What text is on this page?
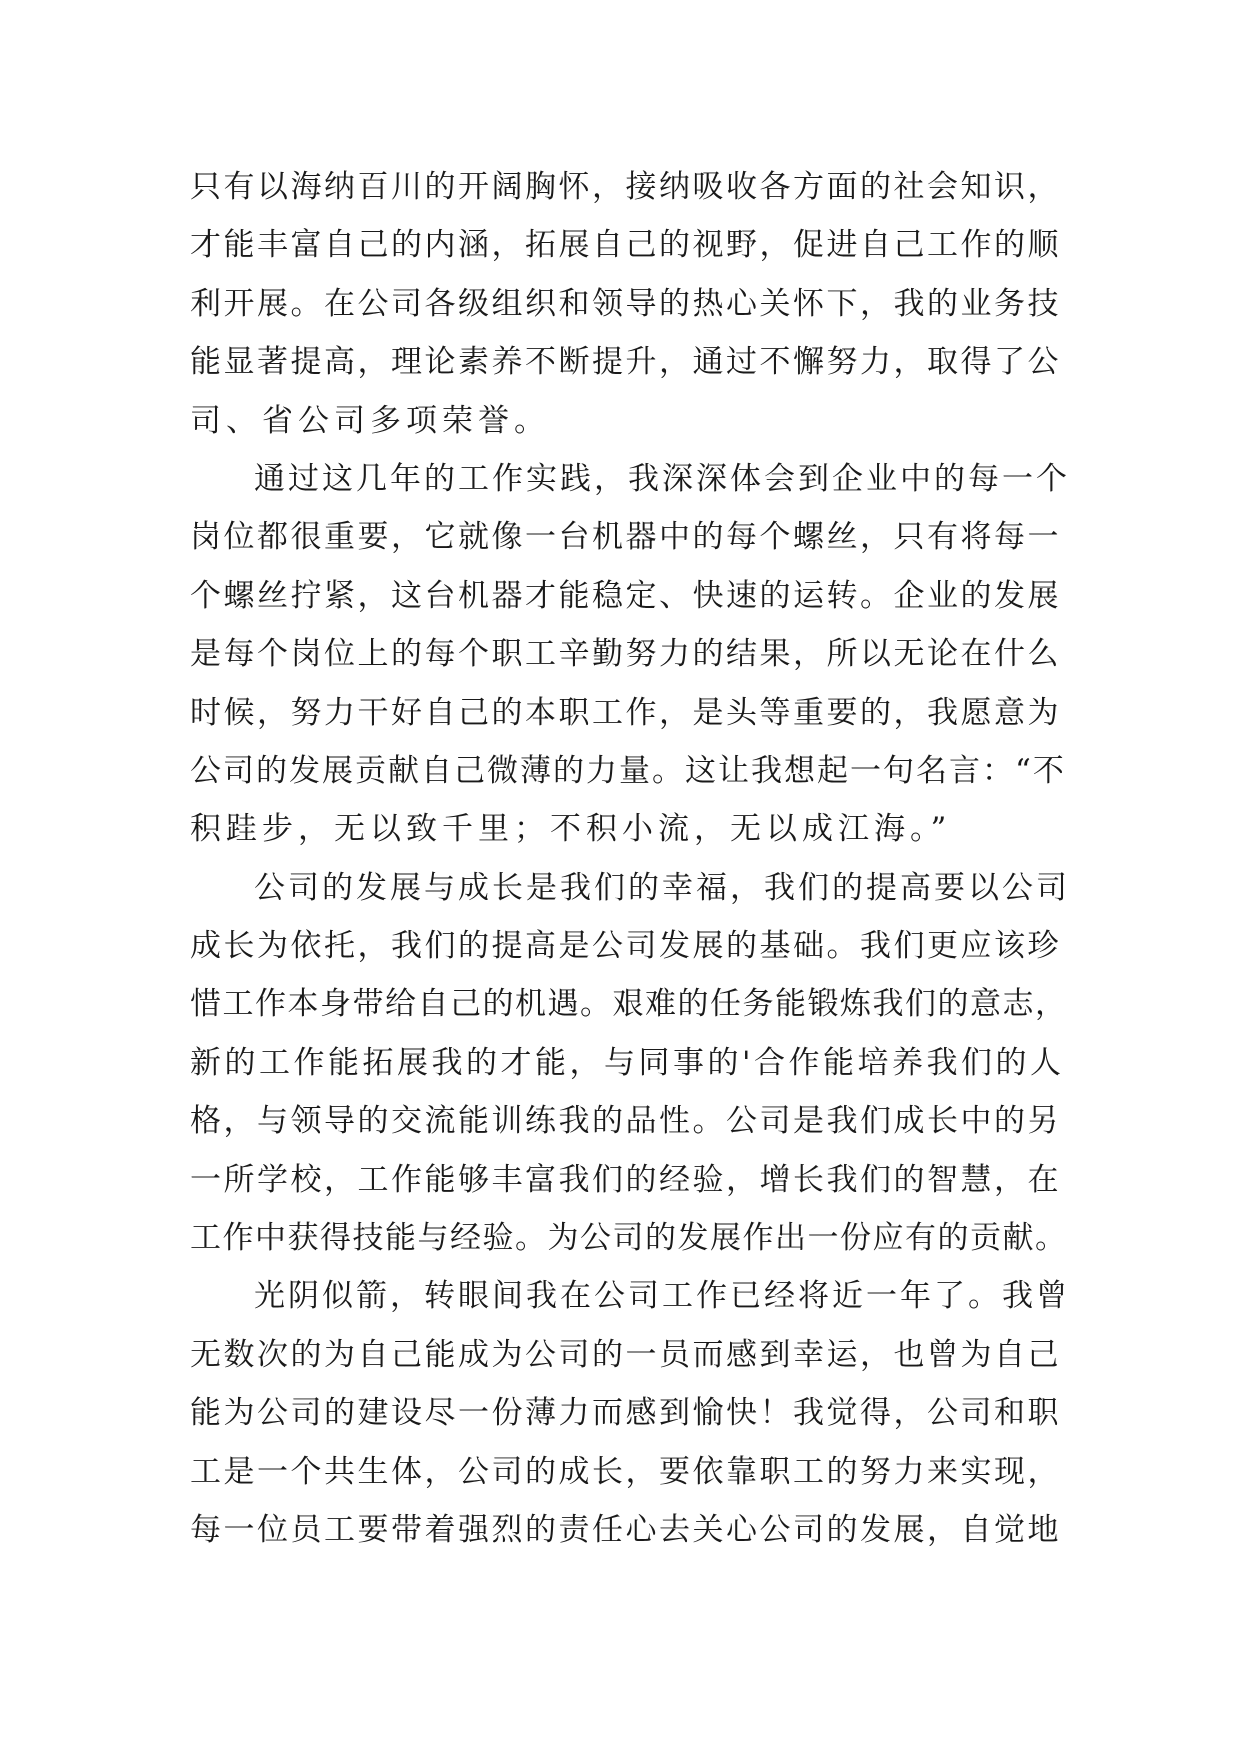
只有以海纳百川的开阔胸怀，接纳吸收各方面的社会知识，
才能丰富自己的内涵，拓展自己的视野，促进自己工作的顺
利开展。在公司各级组织和领导的热心关怀下，我的业务技
能显著提高，理论素养不断提升，通过不懈努力，取得了公
司、省公司多项荣誉。
通过这几年的工作实践，我深深体会到企业中的每一个
岗位都很重要，它就像一台机器中的每个螺丝，只有将每一
个螺丝拧紧，这台机器才能稳定、快速的运转。企业的发展
是每个岗位上的每个职工辛勤努力的结果，所以无论在什么
时候，努力干好自己的本职工作，是头等重要的，我愿意为
公司的发展贡献自己微薄的力量。这让我想起一句名言：“不
积跬步，无以致千里；不积小流，无以成江海。”
公司的发展与成长是我们的幸福，我们的提高要以公司
成长为依托，我们的提高是公司发展的基础。我们更应该珍
惜工作本身带给自己的机遇。艰难的任务能锻炼我们的意志，
新的工作能拓展我的才能，与同事的'合作能培养我们的人
格，与领导的交流能训练我的品性。公司是我们成长中的另
一所学校，工作能够丰富我们的经验，增长我们的智慧，在
工作中获得技能与经验。为公司的发展作出一份应有的贡献。
光阴似箭，转眼间我在公司工作已经将近一年了。我曾
无数次的为自己能成为公司的一员而感到幸运，也曾为自己
能为公司的建设尽一份薄力而感到愉快！我觉得，公司和职
工是一个共生体，公司的成长，要依靠职工的努力来实现，
每一位员工要带着强烈的责任心去关心公司的发展，自觉地
